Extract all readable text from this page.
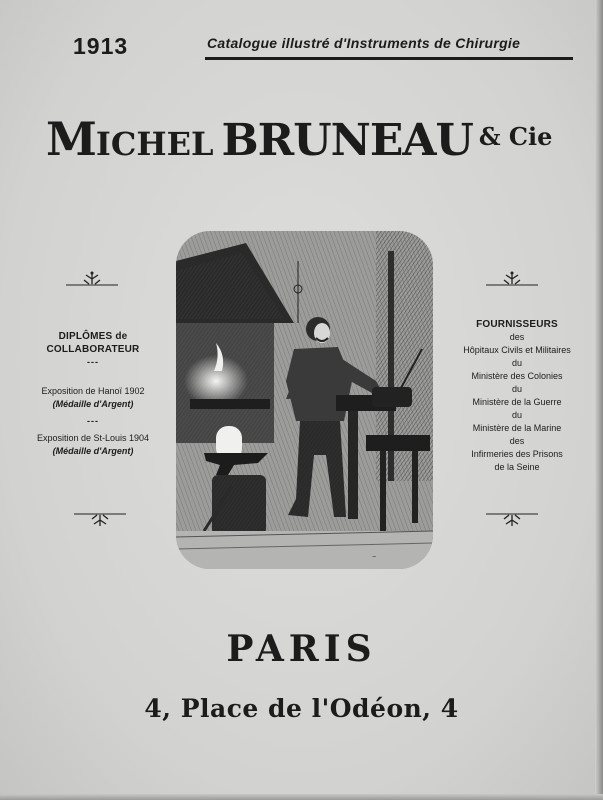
1913	Catalogue illustré d'Instruments de Chirurgie
MICHEL BRUNEAU & Cie
DIPLÔMES de COLLABORATEUR
---
Exposition de Hanoï 1902
(Médaille d'Argent)
---
Exposition de St-Louis 1904
(Médaille d'Argent)
FOURNISSEURS
des
Hôpitaux Civils et Militaires
du
Ministère des Colonies
du
Ministère de la Guerre
du
Ministère de la Marine
des
Infirmeries des Prisons
de la Seine
~
PARIS
4, Place de l'Odéon, 4
